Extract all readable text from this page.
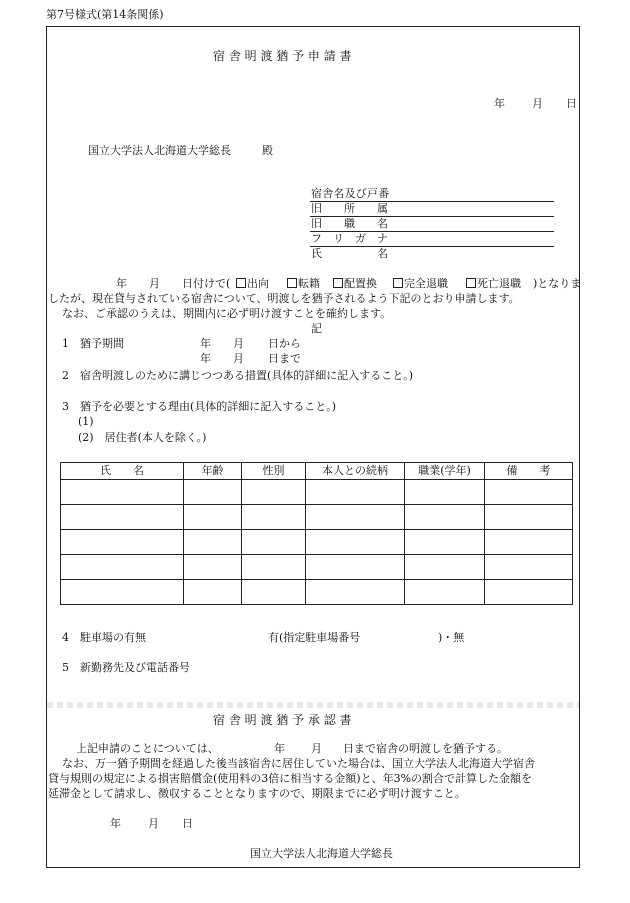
第7号様式(第14条関係)
宿 舎 明 渡 猶 予 申 請 書
年 月 日
国立大学法人北海道大学総長	殿
宿舎名及び戸番
旧　　所　　属
旧　　職　　名
フ　リ　ガ　ナ
氏　　　　　名
年 月 日付けで(	出向	転籍	配置換	完全退職	死亡退職 )となりま
したが、現在貸与されている宿舎について、明渡しを猶予されるよう下記のとおり申請します。
なお、ご承認のうえは、期間内に必ず明け渡すことを確約します。
記
1　猶予期間	年 月 日から
年 月 日まで
2　宿舎明渡しのために講じつつある措置(具体的詳細に記入すること。)
3　猶予を必要とする理由(具体的詳細に記入すること。)
(1)
(2)　居住者(本人を除く。)
氏　　名	年齢	性別	本人との続柄	職業(学年)	備　　考

4　駐車場の有無	有(指定駐車場番号	)・無
5　新勤務先及び電話番号
宿 舎 明 渡 猶 予 承 認 書
上記申請のことについては、	年 月 日まで宿舎の明渡しを猶予する。
なお、万一猶予期間を経過した後当該宿舎に居住していた場合は、国立大学法人北海道大学宿舎
貸与規則の規定による損害賠償金(使用料の3倍に相当する金額)と、年3%の割合で計算した金額を
延滞金として請求し、徴収することとなりますので、期限までに必ず明け渡すこと。
年 月 日
国立大学法人北海道大学総長
